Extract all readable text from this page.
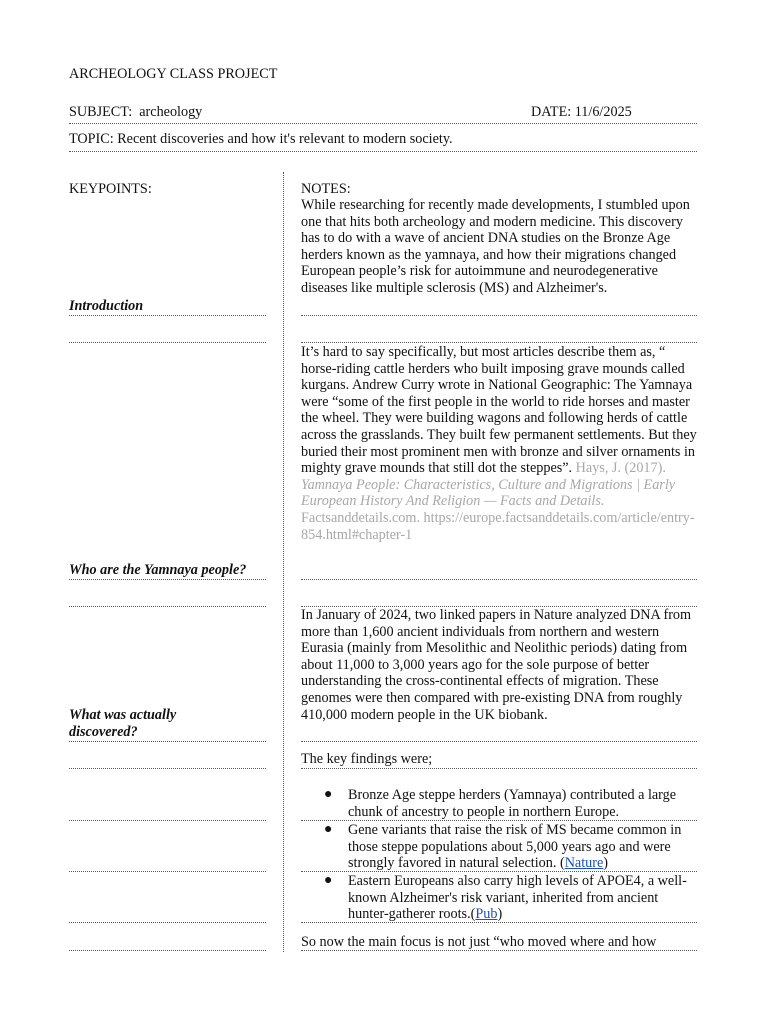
ARCHEOLOGY CLASS PROJECT
SUBJECT:  archeology	DATE: 11/6/2025
TOPIC: Recent discoveries and how it's relevant to modern society.
KEYPOINTS:	NOTES:
While researching for recently made developments, I stumbled upon one that hits both archeology and modern medicine. This discovery has to do with a wave of ancient DNA studies on the Bronze Age herders known as the yamnaya, and how their migrations changed European people’s risk for autoimmune and neurodegenerative diseases like multiple sclerosis (MS) and Alzheimer's.
Introduction
It’s hard to say specifically, but most articles describe them as, “ horse-riding cattle herders who built imposing grave mounds called kurgans. Andrew Curry wrote in National Geographic: The Yamnaya were “some of the first people in the world to ride horses and master the wheel. They were building wagons and following herds of cattle across the grasslands. They built few permanent settlements. But they buried their most prominent men with bronze and silver ornaments in mighty grave mounds that still dot the steppes”. Hays, J. (2017). Yamnaya People: Characteristics, Culture and Migrations | Early European History And Religion — Facts and Details. Factsanddetails.com. https://europe.factsanddetails.com/article/entry-854.html#chapter-1
Who are the Yamnaya people?
In January of 2024, two linked papers in Nature analyzed DNA from more than 1,600 ancient individuals from northern and western Eurasia (mainly from Mesolithic and Neolithic periods) dating from about 11,000 to 3,000 years ago for the sole purpose of better understanding the cross-continental effects of migration. These genomes were then compared with pre-existing DNA from roughly 410,000 modern people in the UK biobank.
What was actually
discovered?
The key findings were;
● Bronze Age steppe herders (Yamnaya) contributed a large chunk of ancestry to people in northern Europe.
● Gene variants that raise the risk of MS became common in those steppe populations about 5,000 years ago and were strongly favored in natural selection. (Nature)
● Eastern Europeans also carry high levels of APOE4, a well-known Alzheimer's risk variant, inherited from ancient hunter-gatherer roots.(Pub)
So now the main focus is not just “who moved where and how
